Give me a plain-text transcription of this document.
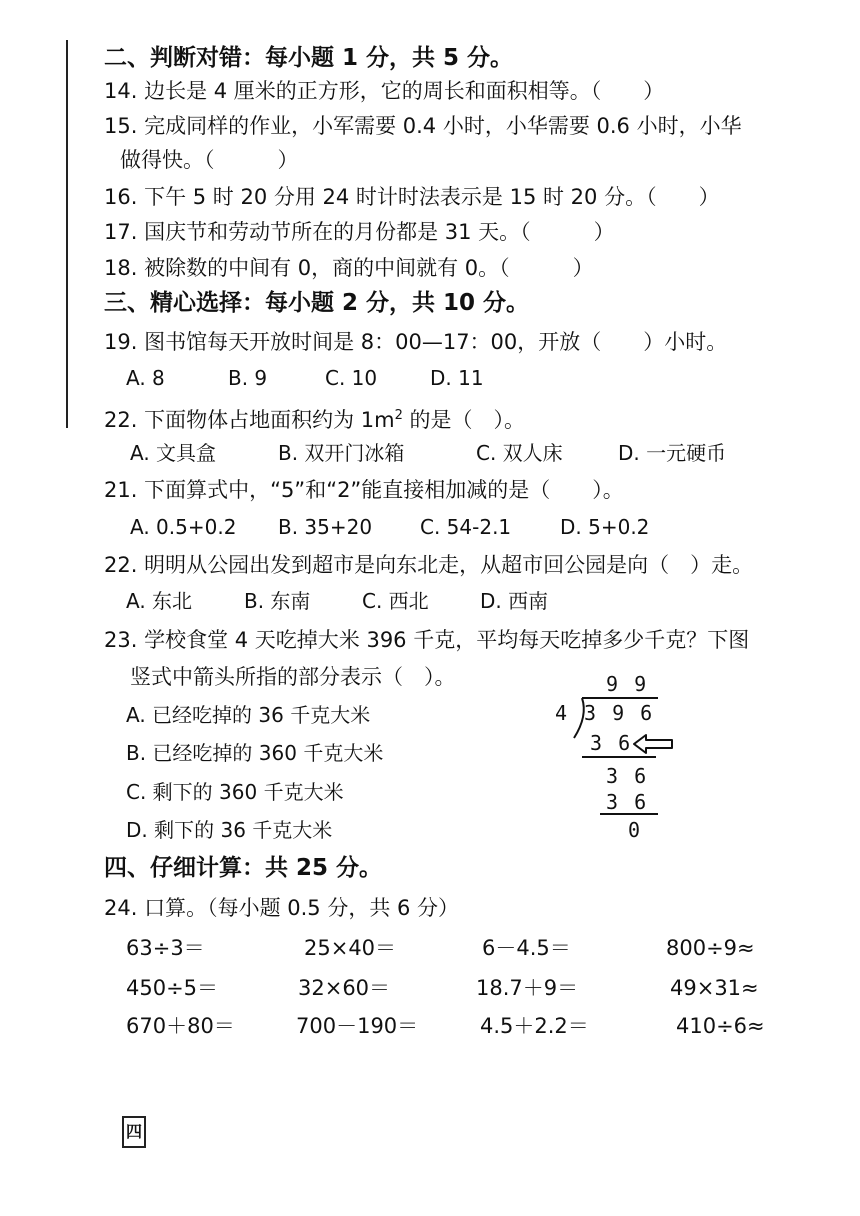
二、判断对错：每小题 1 分，共 5 分。
14. 边长是 4 厘米的正方形，它的周长和面积相等。（　　）
15. 完成同样的作业，小军需要 0.4 小时，小华需要 0.6 小时，小华
做得快。（　　　）
16. 下午 5 时 20 分用 24 时计时法表示是 15 时 20 分。（　　）
17. 国庆节和劳动节所在的月份都是 31 天。（　　　）
18. 被除数的中间有 0，商的中间就有 0。（　　　）
三、精心选择：每小题 2 分，共 10 分。
19. 图书馆每天开放时间是 8：00—17：00，开放（　　）小时。
A. 8	B. 9	C. 10	D. 11
22. 下面物体占地面积约为 $1m^2$ 的是（　）。
A. 文具盒	B. 双开门冰箱	C. 双人床	D. 一元硬币
21. 下面算式中，“5”和“2”能直接相加减的是（　　）。
A. 0.5+0.2 B. 35+20 C. 54-2.1 D. 5+0.2
22. 明明从公园出发到超市是向东北走，从超市回公园是向（　）走。
A. 东北	B. 东南	C. 西北	D. 西南
23. 学校食堂 4 天吃掉大米 396 千克，平均每天吃掉多少千克？下图
竖式中箭头所指的部分表示（　）。
A. 已经吃掉的 36 千克大米
B. 已经吃掉的 360 千克大米
C. 剩下的 360 千克大米
D. 剩下的 36 千克大米
9 9
4 3 9 6
3 6
3 6
3 6
0
四、仔细计算：共 25 分。
24. 口算。（每小题 0.5 分，共 6 分）
63÷3＝	25×40＝	6－4.5＝	800÷9≈
450÷5＝	32×60＝	18.7＋9＝	49×31≈
670＋80＝	700－190＝	4.5＋2.2＝	410÷6≈
四
